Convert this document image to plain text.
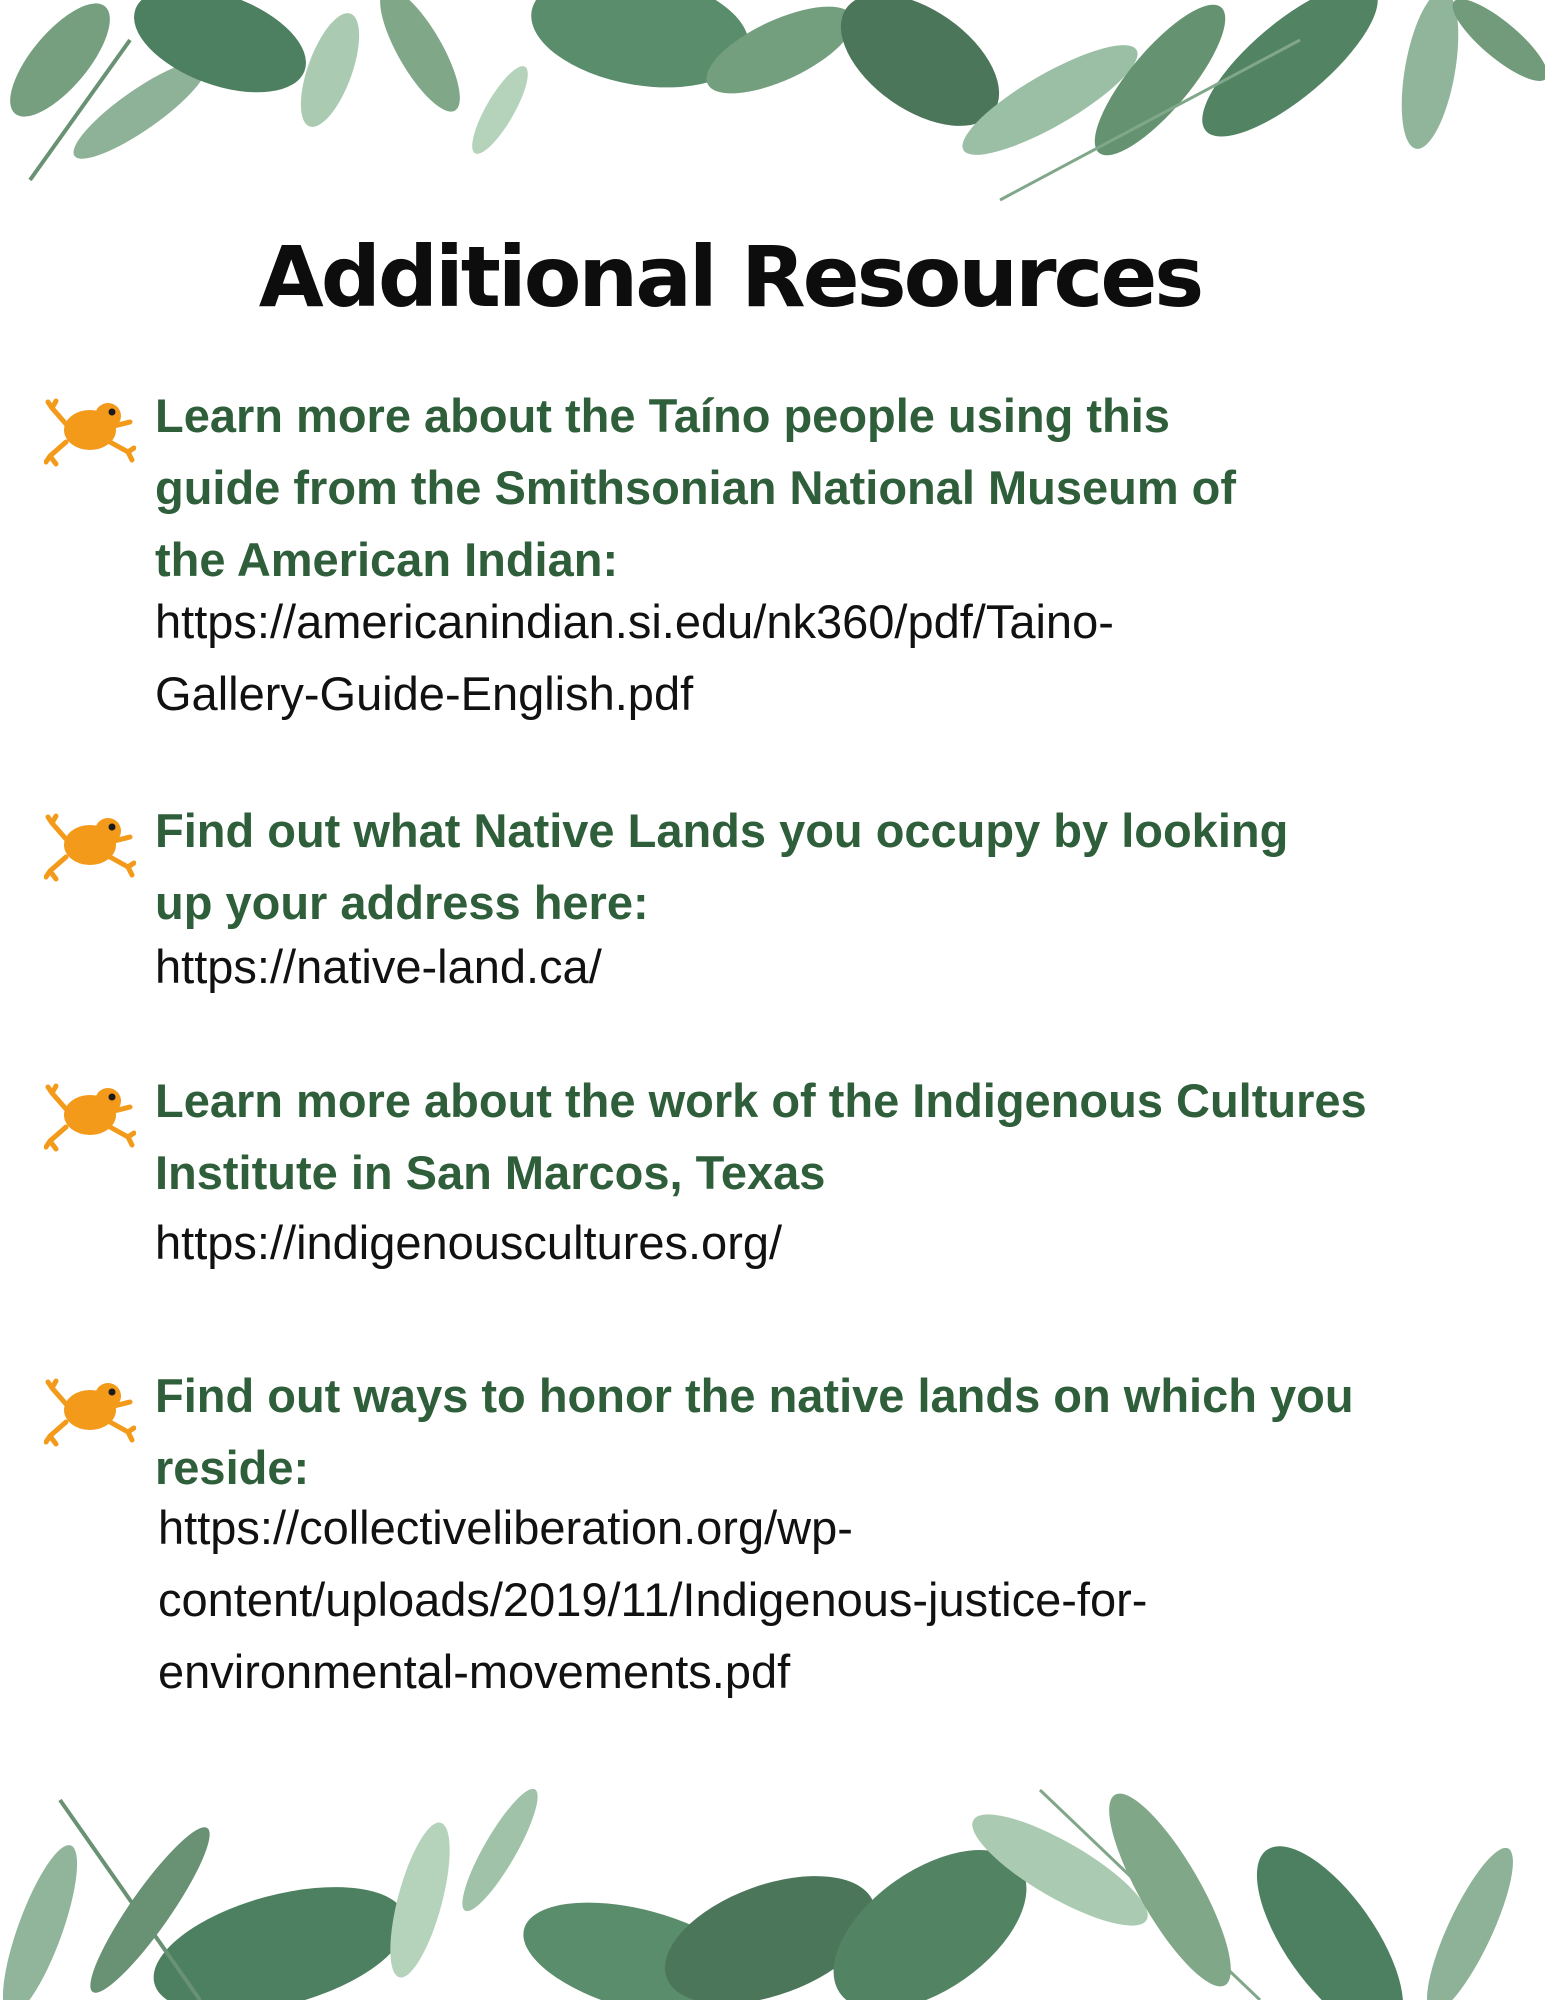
Additional Resources

Learn more about the Taíno people using this
guide from the Smithsonian National Museum of
the American Indian:

https://americanindian.si.edu/nk360/pdf/Taino-
Gallery-Guide-English.pdf

Find out what Native Lands you occupy by looking
up your address here:

https://native-land.ca/

Learn more about the work of the Indigenous Cultures
Institute in San Marcos, Texas

https://indigenouscultures.org/

Find out ways to honor the native lands on which you
reside:

https://collectiveliberation.org/wp-
content/uploads/2019/11/Indigenous-justice-for-
environmental-movements.pdf
